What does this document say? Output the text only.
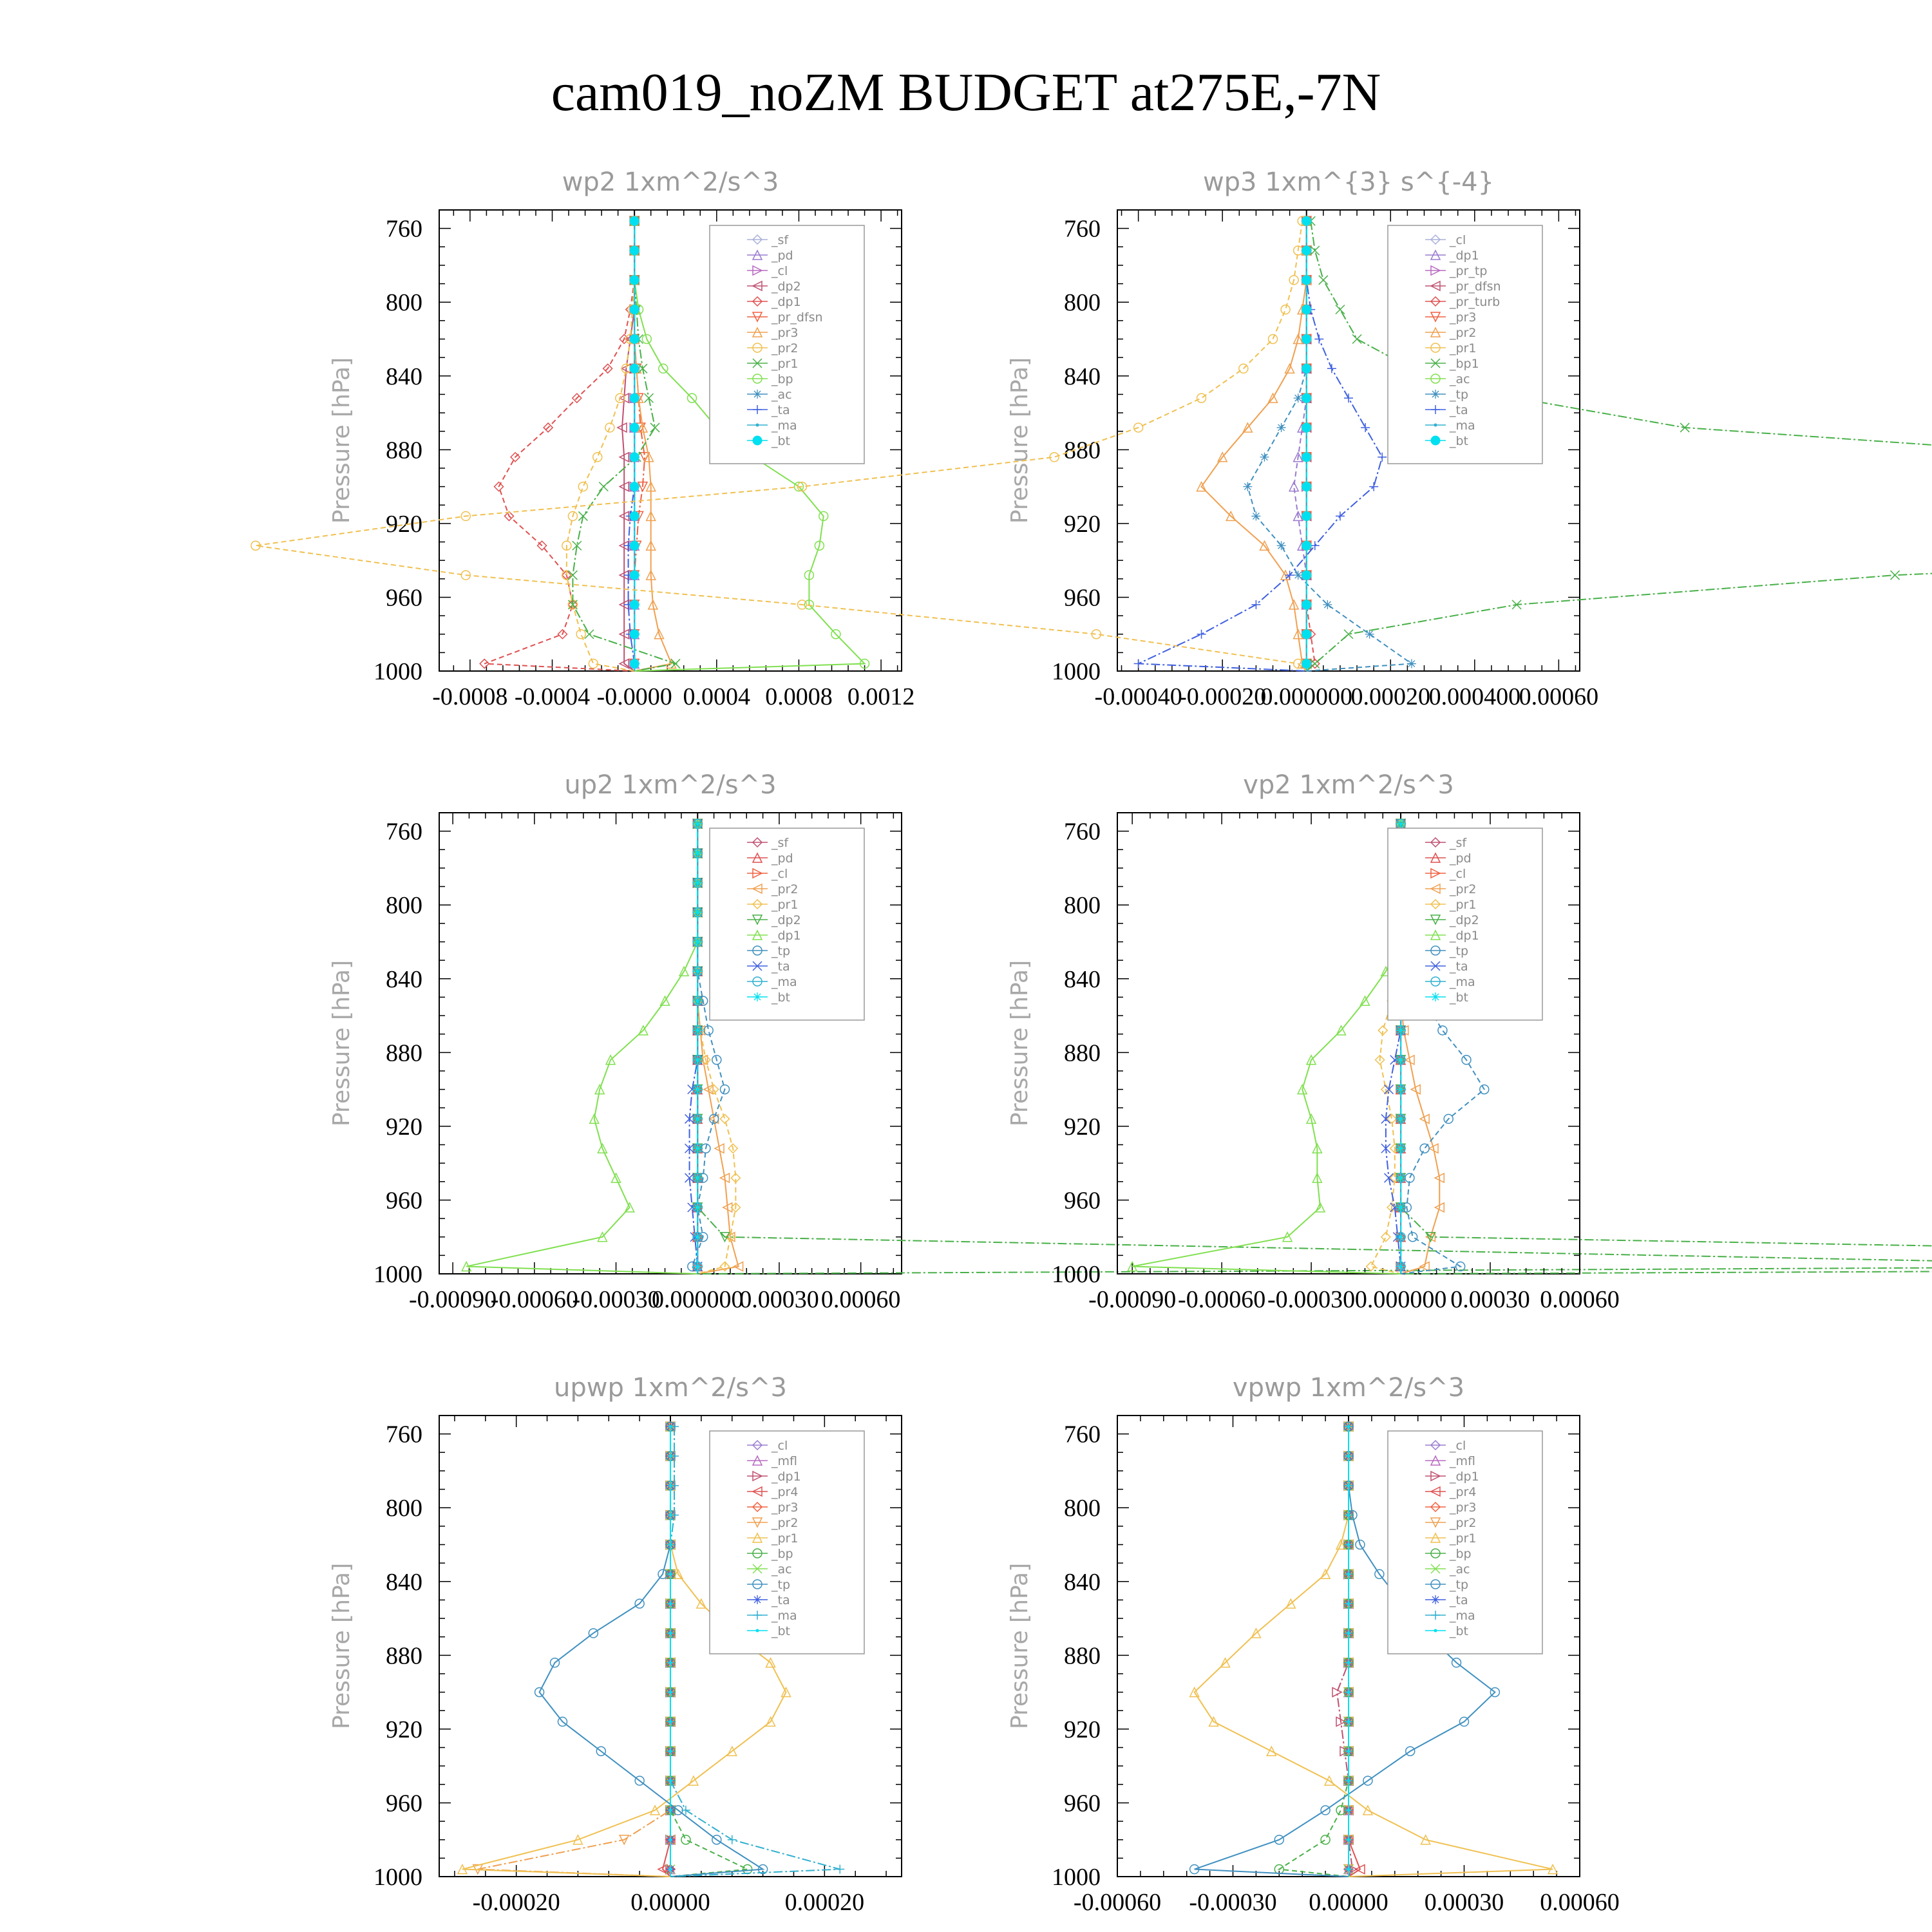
cam019_noZM BUDGET at275E,-7N
wp2 1xm^2/s^3
Pressure [hPa]
760
800
840
880
920
960
1000
-0.0008 -0.0004 -0.0000 0.0004 0.0008 0.0012
_sf
_pd
_cl
_dp2
_dp1
_pr_dfsn
_pr3
_pr2
_pr1
_bp
_ac
_ta
_ma
_bt
wp3 1xm^{3} s^{-4}
Pressure [hPa]
760
800
840
880
920
960
1000
-0.00040
-0.00020
0.000000
0.00020
0.000400
0.00060
_cl
_dp1
_pr_tp
_pr_dfsn
_pr_turb
_pr3
_pr2
_pr1
_bp1
_ac
_tp
_ta
_ma
_bt
up2 1xm^2/s^3
Pressure [hPa]
760
800
840
880
920
960
1000
-0.00090
-0.00060
-0.00030
0.000000
0.00030 0.00060
_sf
_pd
_cl
_pr2
_pr1
_dp2
_dp1
_tp
_ta
_ma
_bt
vp2 1xm^2/s^3
Pressure [hPa]
760
800
840
880
920
960
1000
-0.00090 -0.00060 -0.00030 0.000000 0.00030 0.00060
_sf
_pd
_cl
_pr2
_pr1
_dp2
_dp1
_tp
_ta
_ma
_bt
upwp 1xm^2/s^3
Pressure [hPa]
760
800
840
880
920
960
1000
-0.00020	0.00000	0.00020
_cl
_mfl
_dp1
_pr4
_pr3
_pr2
_pr1
_bp
_ac
_tp
_ta
_ma
_bt
vpwp 1xm^2/s^3
Pressure [hPa]
760
800
840
880
920
960
1000
-0.00060 -0.00030 0.00000 0.00030 0.00060
_cl
_mfl
_dp1
_pr4
_pr3
_pr2
_pr1
_bp
_ac
_tp
_ta
_ma
_bt
